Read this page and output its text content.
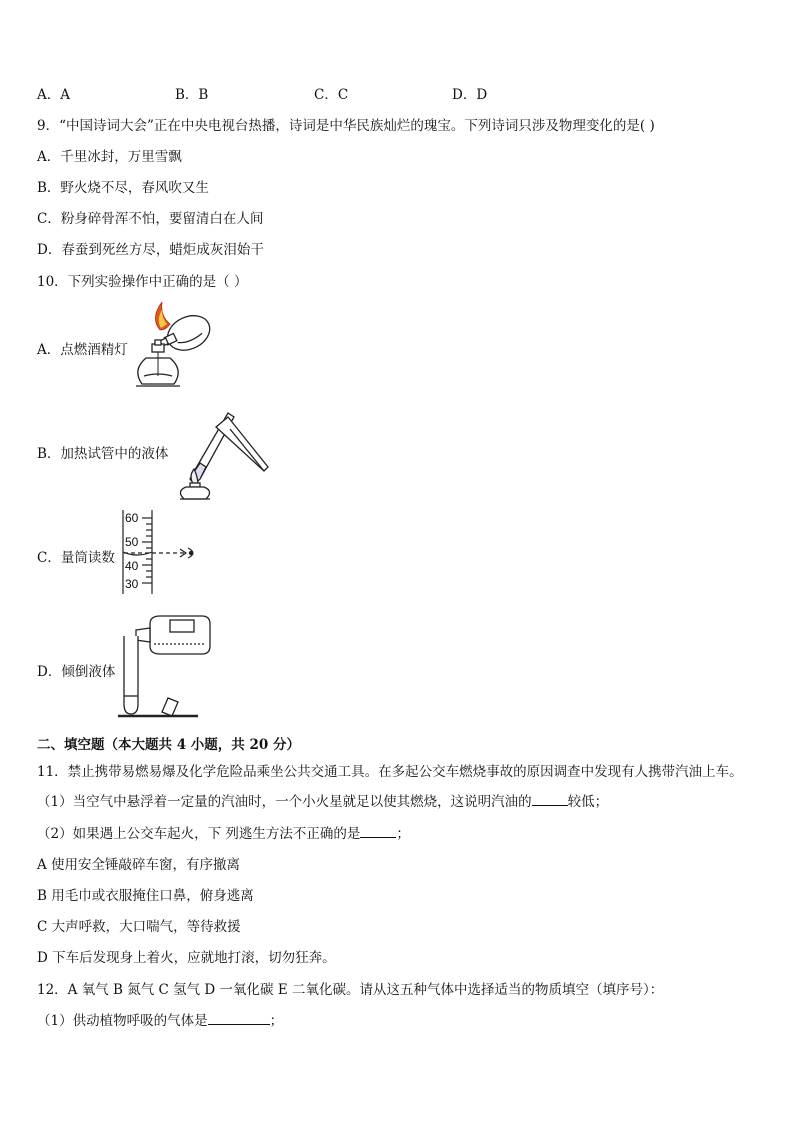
A．A	B．B	C．C	D．D
9．“中国诗词大会”正在中央电视台热播，诗词是中华民族灿烂的瑰宝。下列诗词只涉及物理变化的是( )
A．千里冰封，万里雪飘
B．野火烧不尽，春风吹又生
C．粉身碎骨浑不怕，要留清白在人间
D．春蚕到死丝方尽，蜡炬成灰泪始干
10．下列实验操作中正确的是（ ）
A．点燃酒精灯
B．加热试管中的液体
C．量筒读数
60
50
40
30
D．倾倒液体
二、填空题（本大题共 4 小题，共 20 分）
11．禁止携带易燃易爆及化学危险品乘坐公共交通工具。在多起公交车燃烧事故的原因调查中发现有人携带汽油上车。
（1）当空气中悬浮着一定量的汽油时，一个小火星就足以使其燃烧，这说明汽油的	较低；
（2）如果遇上公交车起火，下 列逃生方法不正确的是	；
A 使用安全锤敲碎车窗，有序撤离
B 用毛巾或衣服掩住口鼻，俯身逃离
C 大声呼救，大口喘气，等待救援
D 下车后发现身上着火，应就地打滚，切勿狂奔。
12．A 氧气 B 氮气 C 氢气 D 一氧化碳 E 二氧化碳。请从这五种气体中选择适当的物质填空（填序号）：
（1）供动植物呼吸的气体是	；
